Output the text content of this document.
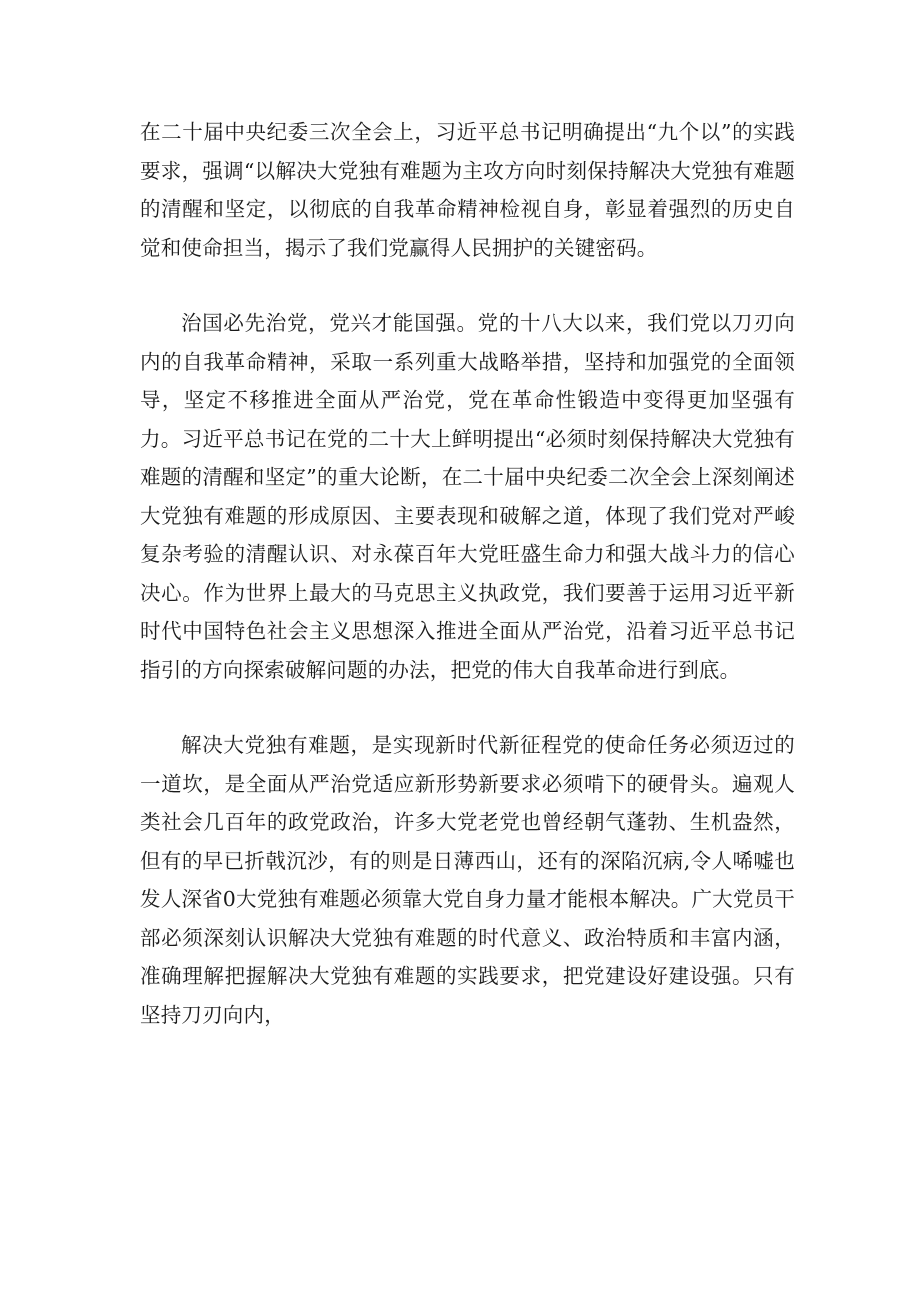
在二十届中央纪委三次全会上，习近平总书记明确提出“九个以”的实践要求，强调“以解决大党独有难题为主攻方向时刻保持解决大党独有难题的清醒和坚定，以彻底的自我革命精神检视自身，彰显着强烈的历史自觉和使命担当，揭示了我们党赢得人民拥护的关键密码。

治国必先治党，党兴才能国强。党的十八大以来，我们党以刀刃向内的自我革命精神，采取一系列重大战略举措，坚持和加强党的全面领导，坚定不移推进全面从严治党，党在革命性锻造中变得更加坚强有力。习近平总书记在党的二十大上鲜明提出“必须时刻保持解决大党独有难题的清醒和坚定”的重大论断，在二十届中央纪委二次全会上深刻阐述大党独有难题的形成原因、主要表现和破解之道，体现了我们党对严峻复杂考验的清醒认识、对永葆百年大党旺盛生命力和强大战斗力的信心决心。作为世界上最大的马克思主义执政党，我们要善于运用习近平新时代中国特色社会主义思想深入推进全面从严治党，沿着习近平总书记指引的方向探索破解问题的办法，把党的伟大自我革命进行到底。

解决大党独有难题，是实现新时代新征程党的使命任务必须迈过的一道坎，是全面从严治党适应新形势新要求必须啃下的硬骨头。遍观人类社会几百年的政党政治，许多大党老党也曾经朝气蓬勃、生机盎然，但有的早已折戟沉沙，有的则是日薄西山，还有的深陷沉病,令人唏嘘也发人深省0大党独有难题必须靠大党自身力量才能根本解决。广大党员干部必须深刻认识解决大党独有难题的时代意义、政治特质和丰富内涵，准确理解把握解决大党独有难题的实践要求，把党建设好建设强。只有坚持刀刃向内，
